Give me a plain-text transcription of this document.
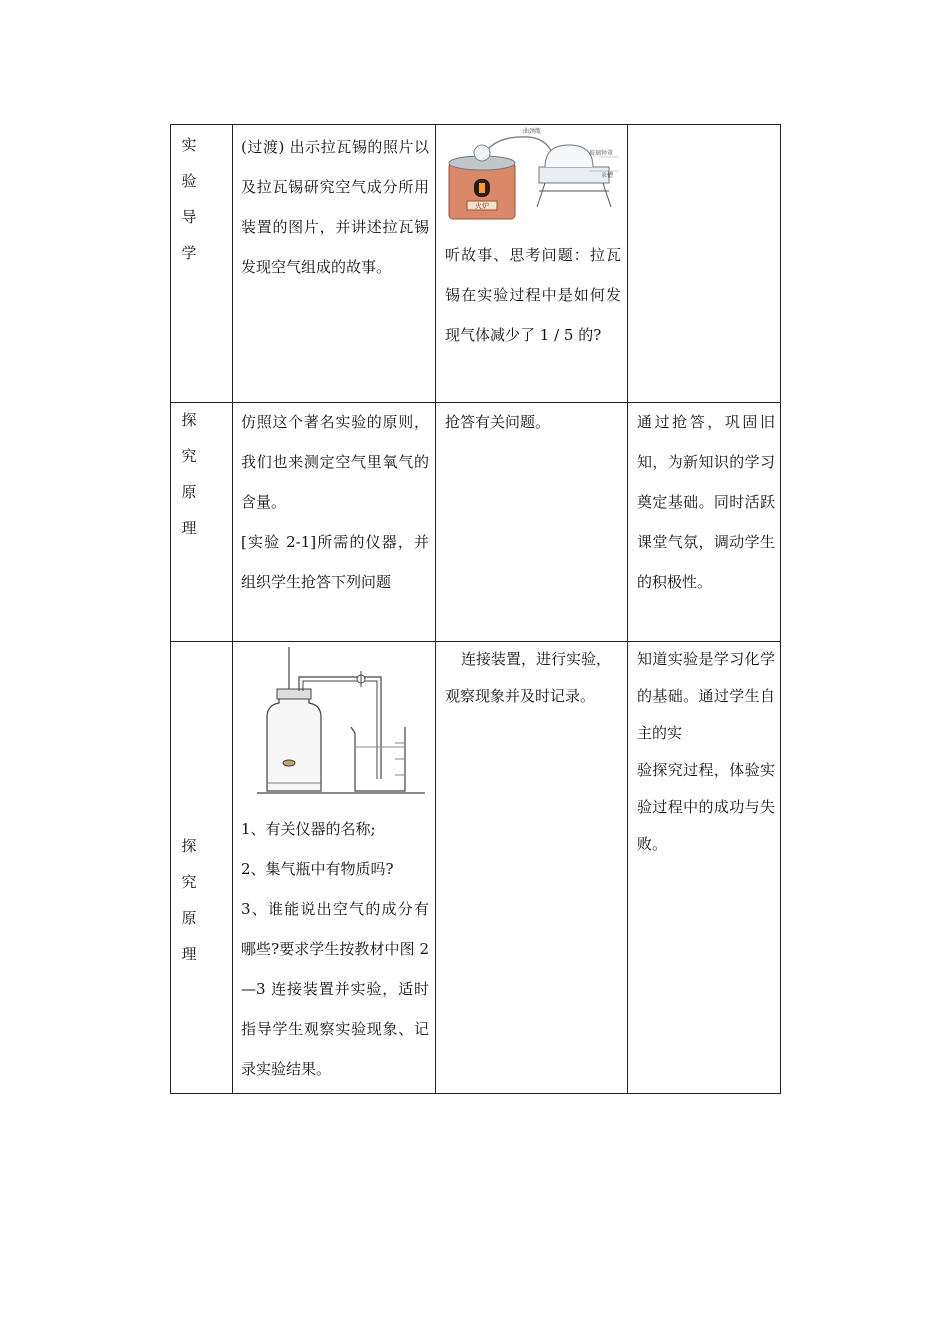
实
验
导
学

(过渡) 出示拉瓦锡的照片以及拉瓦锡研究空气成分所用装置的图片，并讲述拉瓦锡发现空气组成的故事。

曲颈甑
玻璃钟罩
汞槽
火炉

听故事、思考问题：拉瓦锡在实验过程中是如何发现气体减少了 1 / 5 的?

探
究
原
理

仿照这个著名实验的原则，我们也来测定空气里氧气的含量。

[实验 2-1]所需的仪器，并组织学生抢答下列问题

抢答有关问题。	通过抢答，巩固旧知，为新知识的学习奠定基础。同时活跃课堂气氛，调动学生的积极性。

探
究
原
理

1、有关仪器的名称;

2、集气瓶中有物质吗?

3、谁能说出空气的成分有哪些?要求学生按教材中图 2—3 连接装置并实验，适时指导学生观察实验现象、记录实验结果。

连接装置，进行实验，

观察现象并及时记录。

知道实验是学习化学的基础。通过学生自主的实

验探究过程，体验实验过程中的成功与失败。
